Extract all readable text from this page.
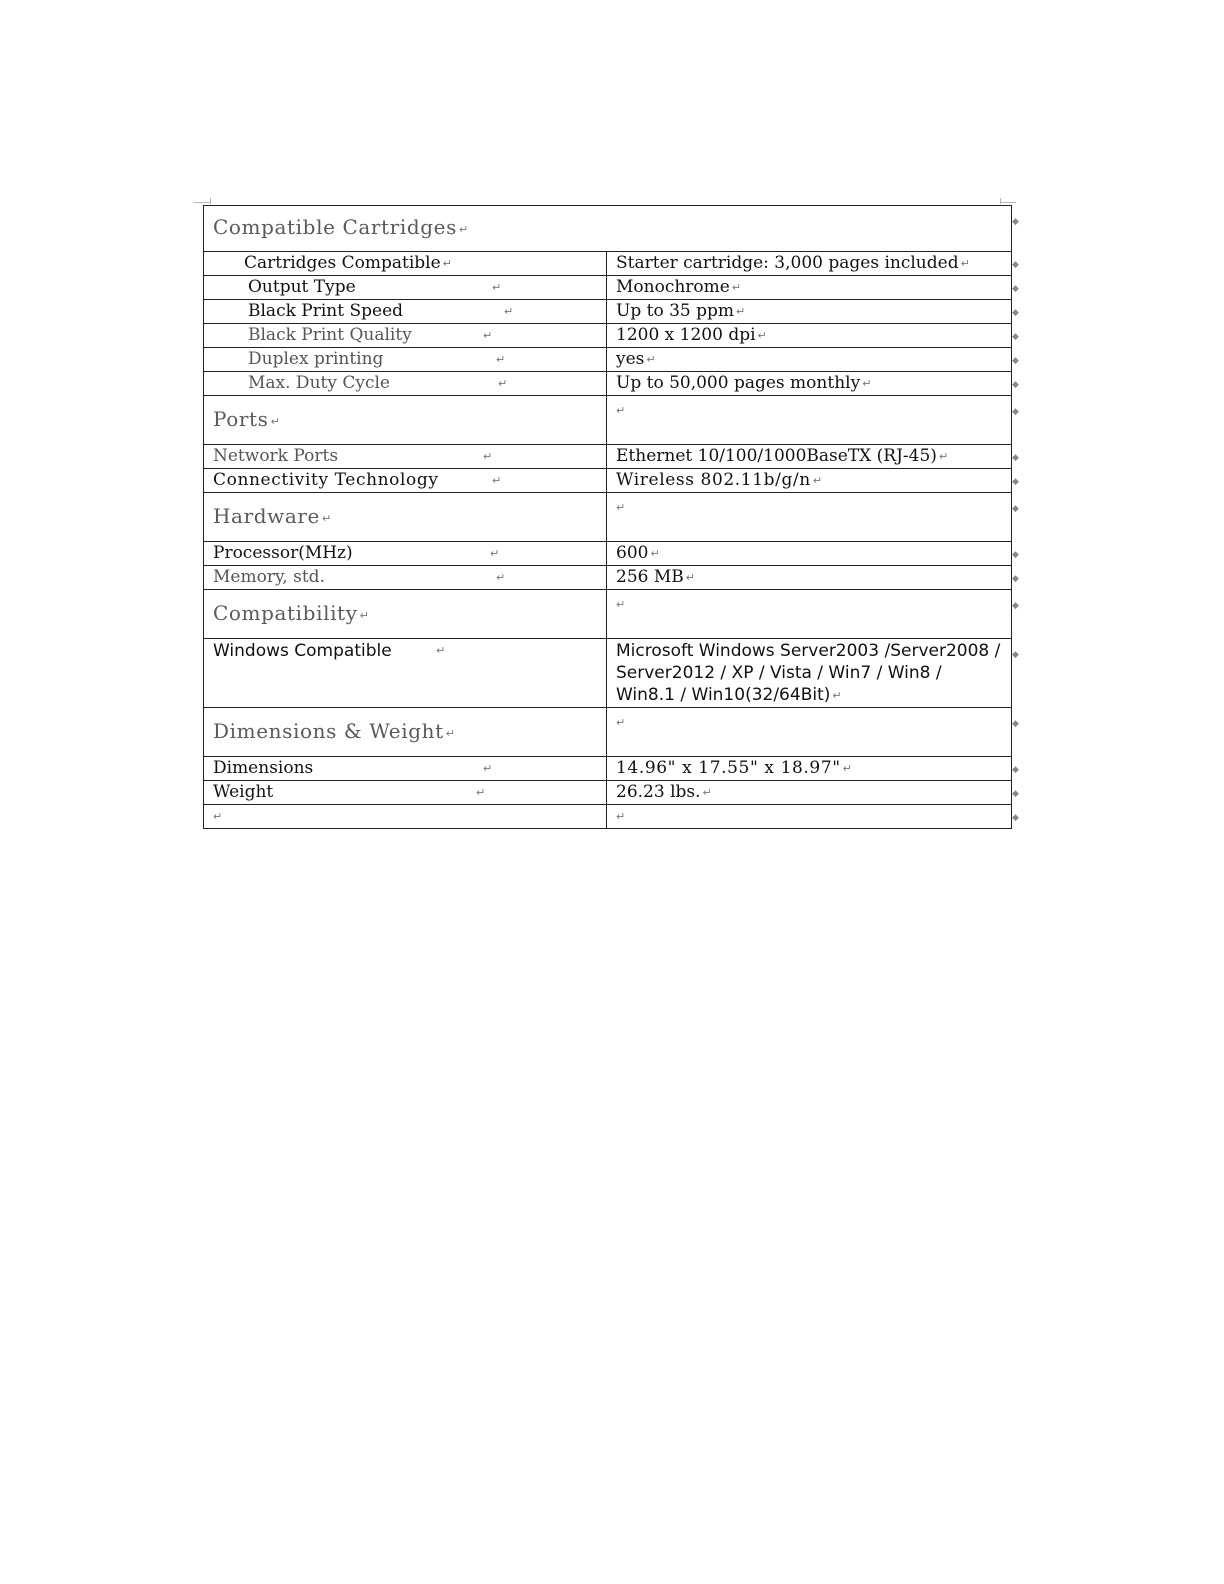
Compatible Cartridges ↵	
Cartridges Compatible ↵	Starter cartridge: 3,000 pages included ↵
Output Type ↵	Monochrome ↵
Black Print Speed ↵	Up to 35 ppm ↵
Black Print Quality ↵	1200 x 1200 dpi ↵
Duplex printing ↵	yes ↵
Max. Duty Cycle ↵	Up to 50,000 pages monthly ↵
Ports ↵	↵
Network Ports ↵	Ethernet 10/100/1000BaseTX (RJ-45) ↵
Connectivity Technology ↵	Wireless 802.11b/g/n ↵
Hardware ↵	↵
Processor(MHz) ↵	600 ↵
Memory, std. ↵	256 MB ↵
Compatibility ↵	↵
Windows Compatible ↵	Microsoft Windows Server2003 /Server2008 / Server2012 / XP / Vista / Win7 / Win8 / Win8.1 / Win10(32/64Bit) ↵
Dimensions & Weight ↵	↵
Dimensions ↵	14.96" x 17.55" x 18.97" ↵
Weight ↵	26.23 lbs. ↵
↵	↵
◆
◆
◆
◆
◆
◆
◆
◆
◆
◆
◆
◆
◆
◆
◆
◆
◆
◆
◆
